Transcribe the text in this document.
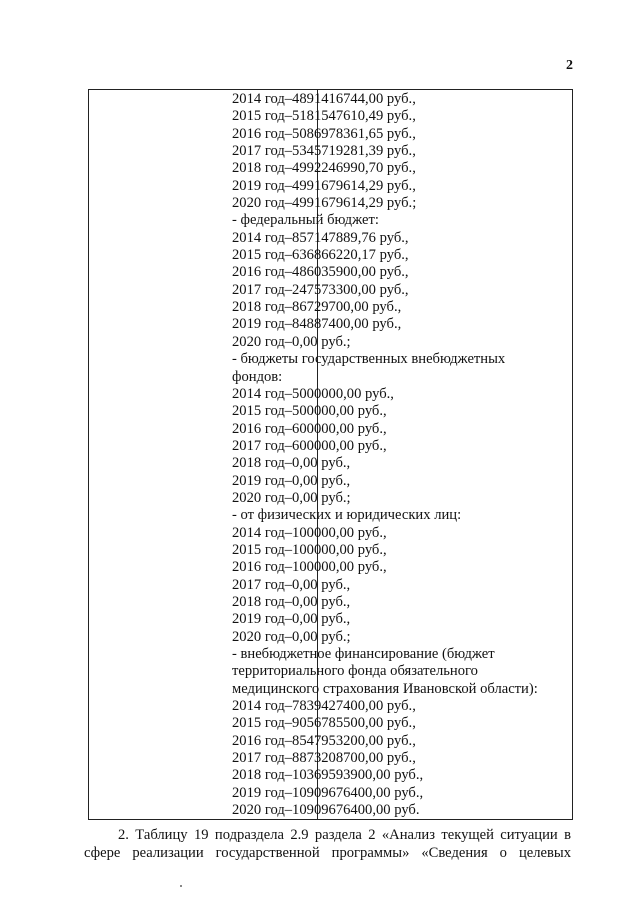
2

2014 год–4891416744,00 руб.,

2015 год–5181547610,49 руб.,

2016 год–5086978361,65 руб.,

2017 год–5345719281,39 руб.,

2018 год–4992246990,70 руб.,

2019 год–4991679614,29 руб.,

2020 год–4991679614,29 руб.;

- федеральный бюджет:

2014 год–857147889,76 руб.,

2015 год–636866220,17 руб.,

2016 год–486035900,00 руб.,

2017 год–247573300,00 руб.,

2018 год–86729700,00 руб.,

2019 год–84887400,00 руб.,

2020 год–0,00 руб.;

- бюджеты государственных внебюджетных

фондов:

2014 год–5000000,00 руб.,

2015 год–500000,00 руб.,

2016 год–600000,00 руб.,

2017 год–600000,00 руб.,

2018 год–0,00 руб.,

2019 год–0,00 руб.,

2020 год–0,00 руб.;

- от физических и юридических лиц:

2014 год–100000,00 руб.,

2015 год–100000,00 руб.,

2016 год–100000,00 руб.,

2017 год–0,00 руб.,

2018 год–0,00 руб.,

2019 год–0,00 руб.,

2020 год–0,00 руб.;

- внебюджетное финансирование (бюджет

территориального фонда обязательного

медицинского страхования Ивановской области):

2014 год–7839427400,00 руб.,

2015 год–9056785500,00 руб.,

2016 год–8547953200,00 руб.,

2017 год–8873208700,00 руб.,

2018 год–10369593900,00 руб.,

2019 год–10909676400,00 руб.,

2020 год–10909676400,00 руб.

2. Таблицу 19 подраздела 2.9 раздела 2 «Анализ текущей ситуации в

сфере реализации государственной программы» «Сведения о целевых
